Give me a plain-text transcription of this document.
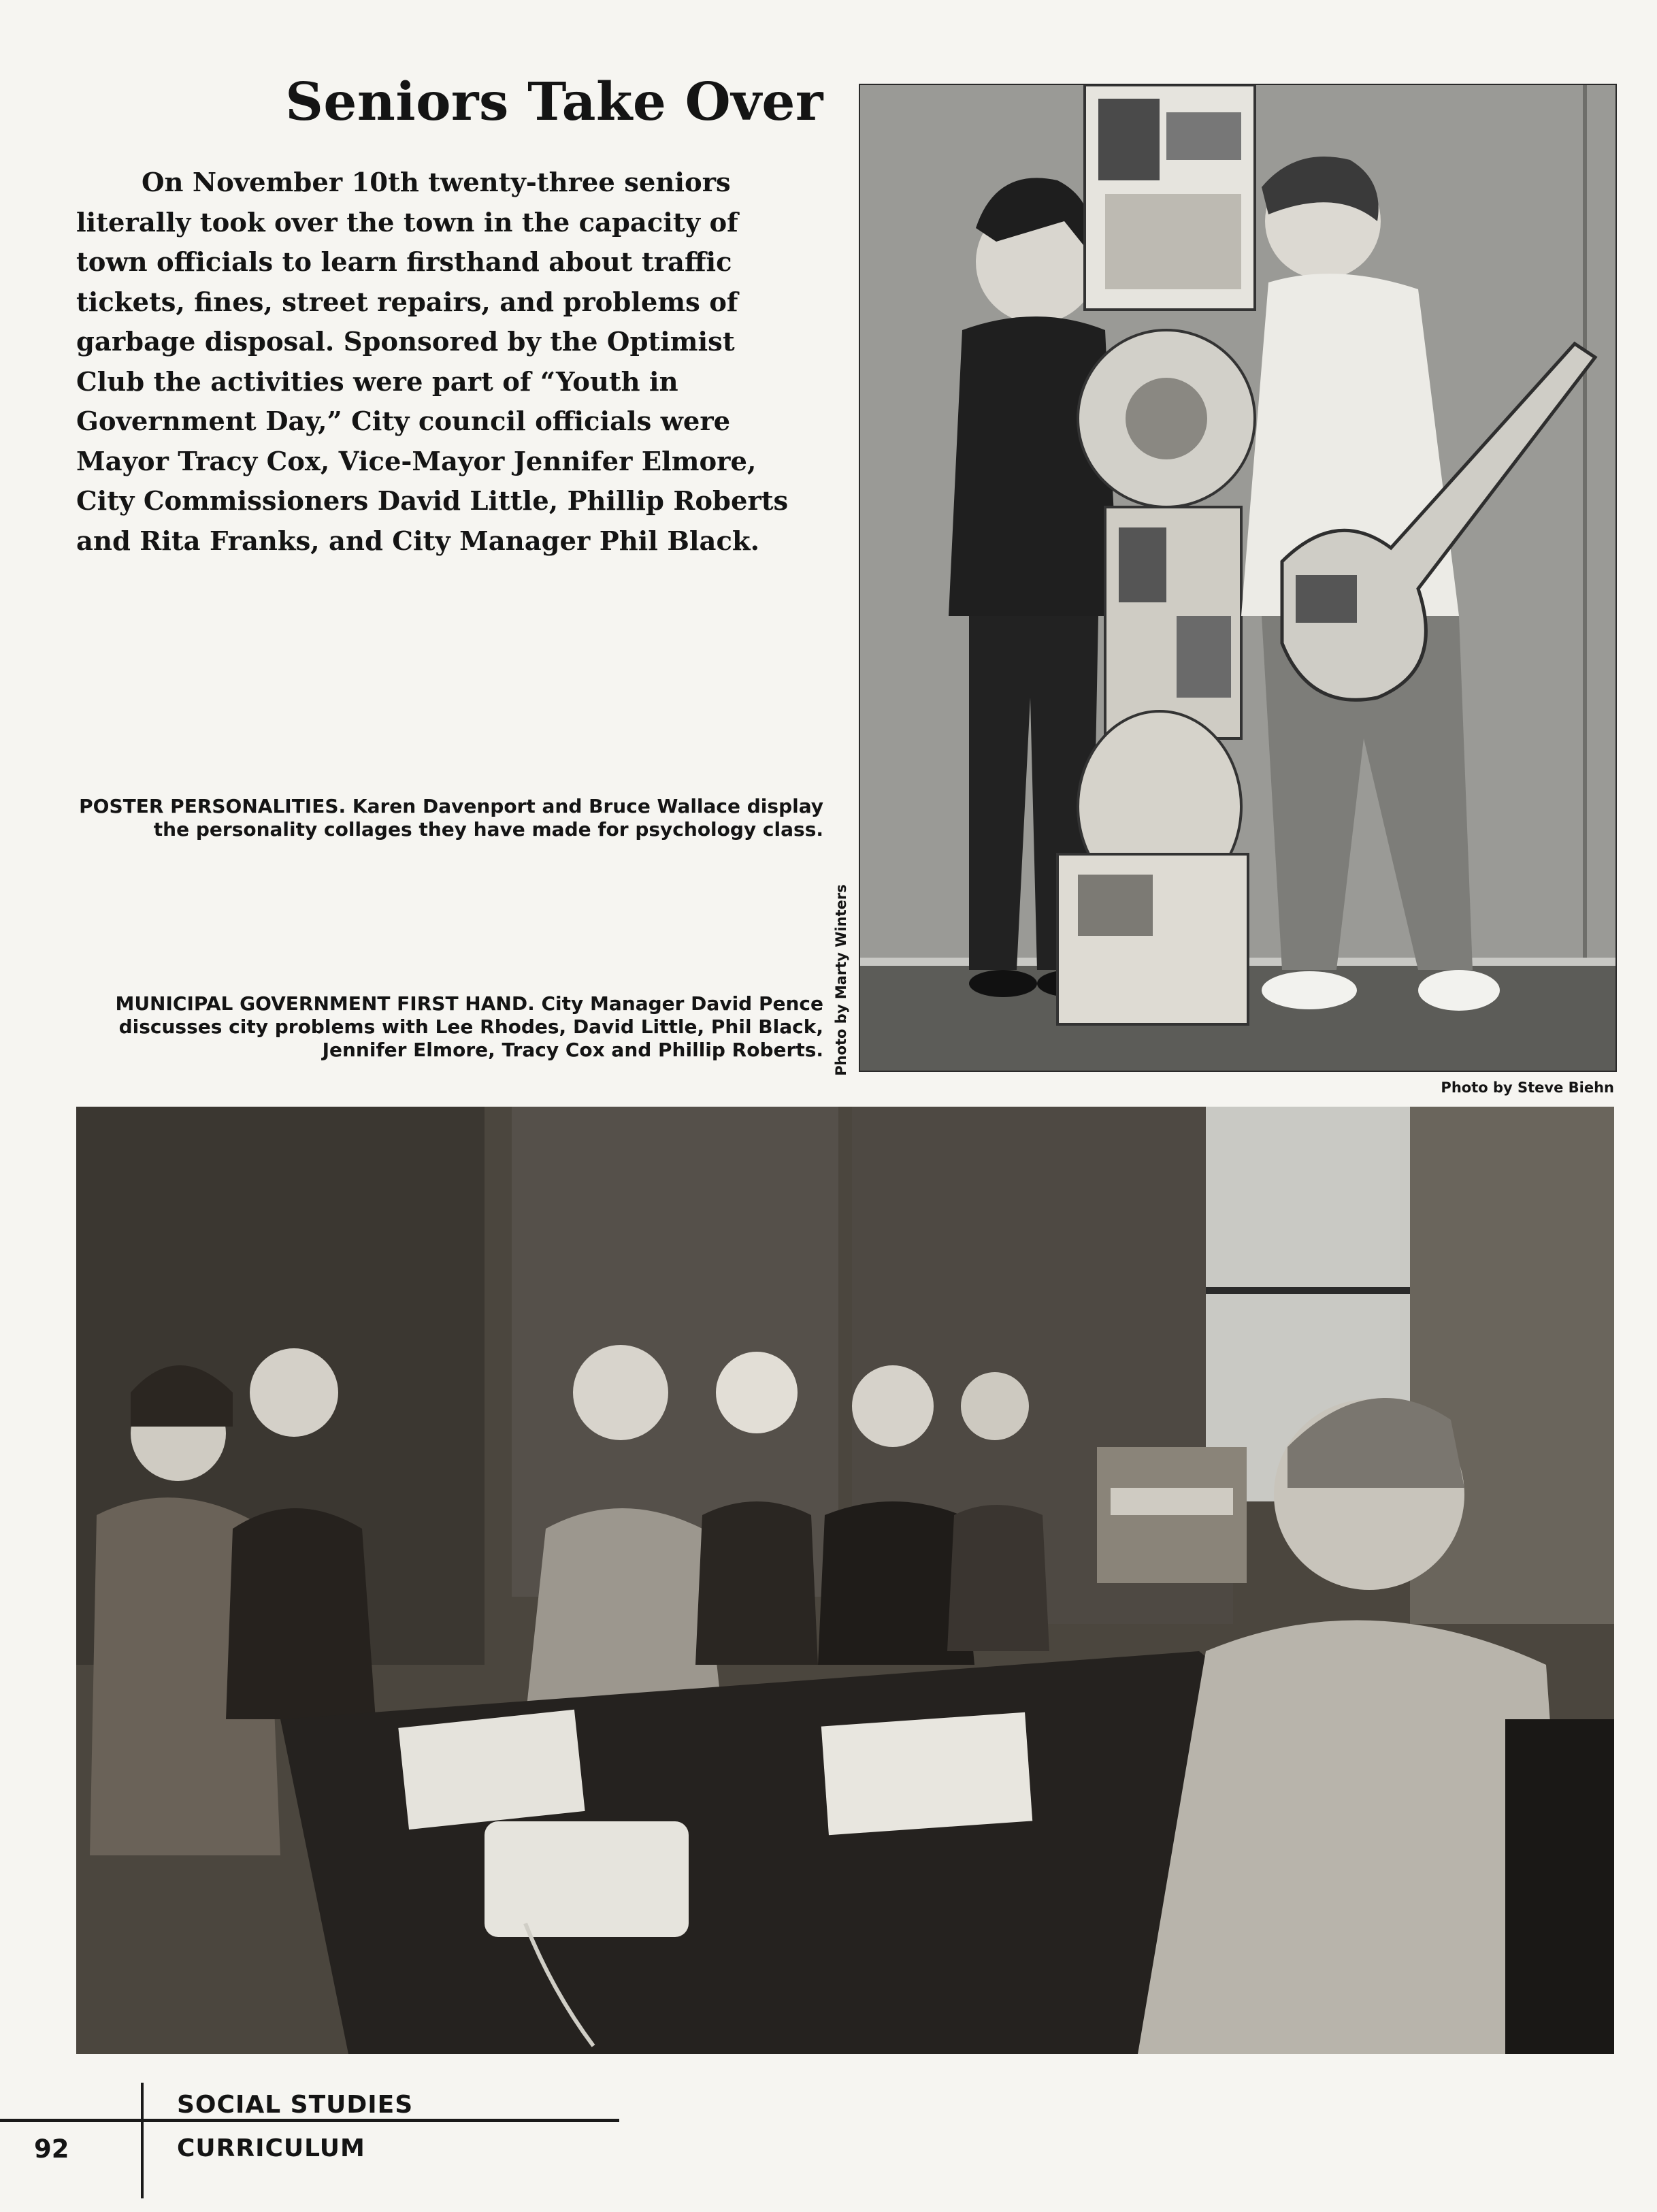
Seniors Take Over

On November 10th twenty-three seniors literally took over the town in the capacity of town officials to learn firsthand about traffic tickets, fines, street repairs, and problems of garbage disposal. Sponsored by the Optimist Club the activities were part of “Youth in Government Day,” City council officials were Mayor Tracy Cox, Vice-Mayor Jennifer Elmore, City Commissioners David Little, Phillip Roberts and Rita Franks, and City Manager Phil Black.

POSTER PERSONALITIES. Karen Davenport and Bruce Wallace display the personality collages they have made for psychology class.

MUNICIPAL GOVERNMENT FIRST HAND. City Manager David Pence discusses city problems with Lee Rhodes, David Little, Phil Black, Jennifer Elmore, Tracy Cox and Phillip Roberts. Photo by Marty Winters
Photo by Steve Biehn
92
SOCIAL STUDIES
CURRICULUM
